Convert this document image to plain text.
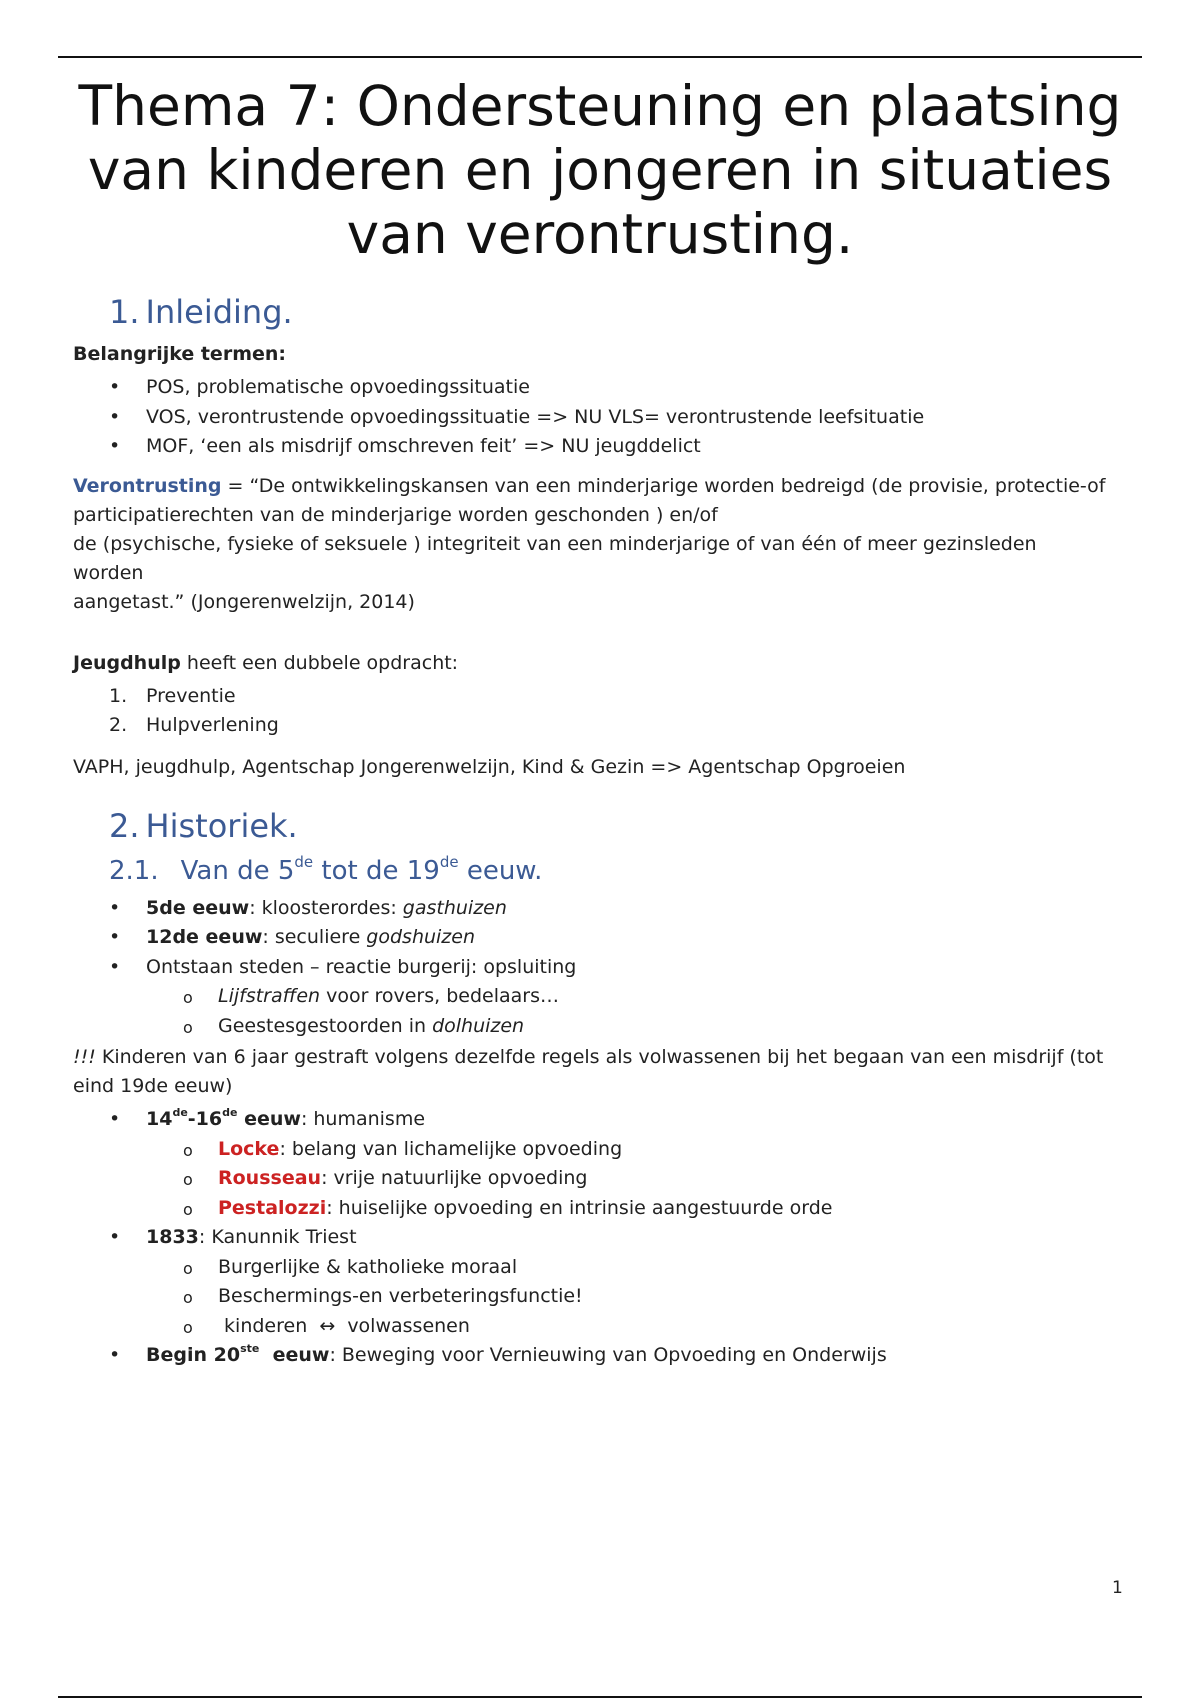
Thema 7: Ondersteuning en plaatsing van kinderen en jongeren in situaties van verontrusting.
1. Inleiding.

Belangrijke termen:

• POS, problematische opvoedingssituatie
• VOS, verontrustende opvoedingssituatie => NU VLS= verontrustende leefsituatie
• MOF, ‘een als misdrijf omschreven feit’ => NU jeugddelict

Verontrusting = “De ontwikkelingskansen van een minderjarige worden bedreigd (de provisie, protectie-of
participatierechten van de minderjarige worden geschonden ) en/of
de (psychische, fysieke of seksuele ) integriteit van een minderjarige of van één of meer gezinsleden worden
aangetast.” (Jongerenwelzijn, 2014)

Jeugdhulp heeft een dubbele opdracht:

1. Preventie
2. Hulpverlening

VAPH, jeugdhulp, Agentschap Jongerenwelzijn, Kind & Gezin => Agentschap Opgroeien

2. Historiek.
2.1. Van de 5de tot de 19de eeuw.
• 5de eeuw: kloosterordes: gasthuizen
• 12de eeuw: seculiere godshuizen
• Ontstaan steden – reactie burgerij: opsluiting
o Lijfstraffen voor rovers, bedelaars…
o Geestesgestoorden in dolhuizen

!!! Kinderen van 6 jaar gestraft volgens dezelfde regels als volwassenen bij het begaan van een misdrijf (tot eind 19de eeuw)

• 14de-16de eeuw: humanisme
o Locke: belang van lichamelijke opvoeding
o Rousseau: vrije natuurlijke opvoeding
o Pestalozzi: huiselijke opvoeding en intrinsie aangestuurde orde
• 1833: Kanunnik Triest
o Burgerlijke & katholieke moraal
o Beschermings-en verbeteringsfunctie!
o  kinderen  ↔  volwassenen
• Begin 20ste  eeuw: Beweging voor Vernieuwing van Opvoeding en Onderwijs
1
